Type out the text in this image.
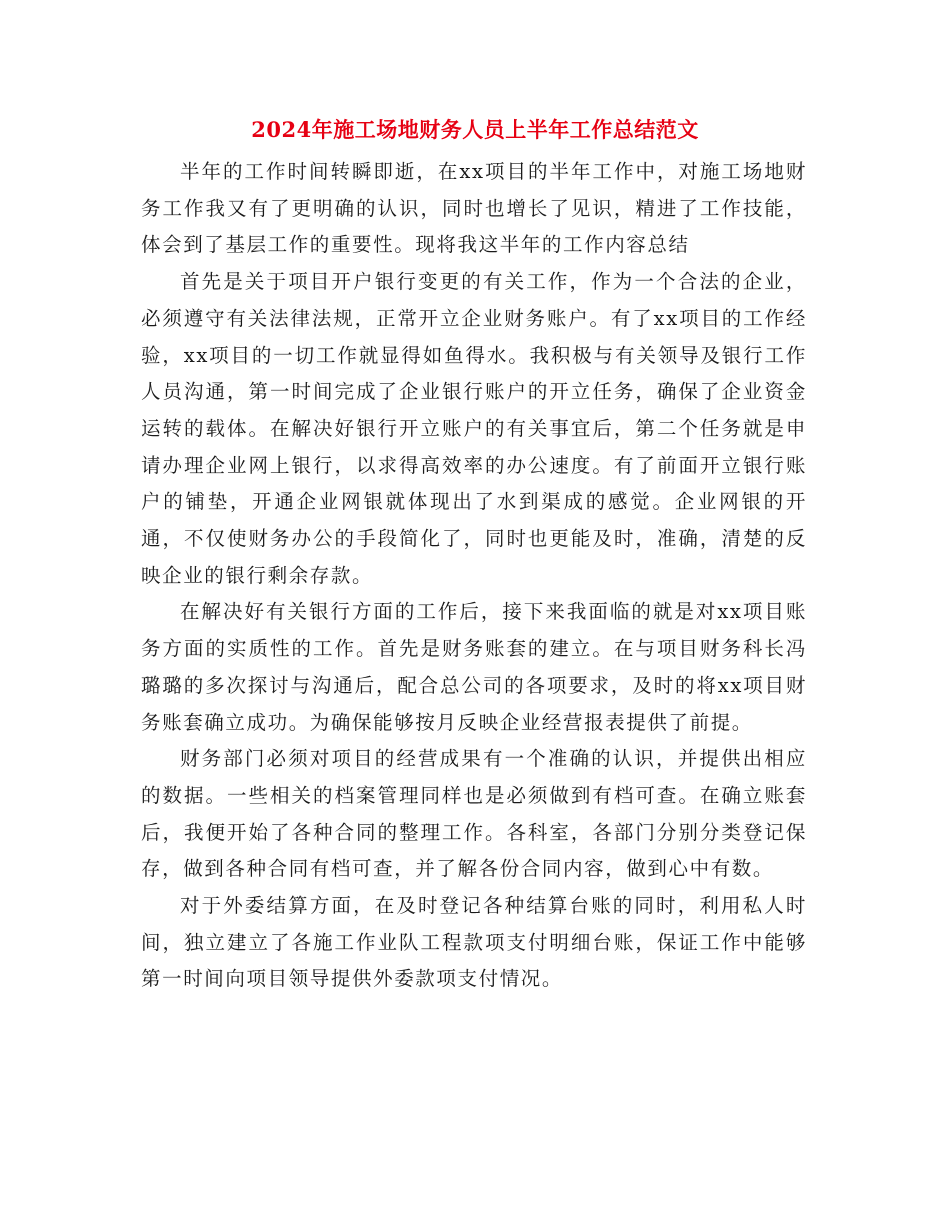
2024年施工场地财务人员上半年工作总结范文

半年的工作时间转瞬即逝，在xx项目的半年工作中，对施工场地财务工作我又有了更明确的认识，同时也增长了见识，精进了工作技能，体会到了基层工作的重要性。现将我这半年的工作内容总结

首先是关于项目开户银行变更的有关工作，作为一个合法的企业，必须遵守有关法律法规，正常开立企业财务账户。有了xx项目的工作经验，xx项目的一切工作就显得如鱼得水。我积极与有关领导及银行工作人员沟通，第一时间完成了企业银行账户的开立任务，确保了企业资金运转的载体。在解决好银行开立账户的有关事宜后，第二个任务就是申请办理企业网上银行，以求得高效率的办公速度。有了前面开立银行账户的铺垫，开通企业网银就体现出了水到渠成的感觉。企业网银的开通，不仅使财务办公的手段简化了，同时也更能及时，准确，清楚的反映企业的银行剩余存款。

在解决好有关银行方面的工作后，接下来我面临的就是对xx项目账务方面的实质性的工作。首先是财务账套的建立。在与项目财务科长冯璐璐的多次探讨与沟通后，配合总公司的各项要求，及时的将xx项目财务账套确立成功。为确保能够按月反映企业经营报表提供了前提。

财务部门必须对项目的经营成果有一个准确的认识，并提供出相应的数据。一些相关的档案管理同样也是必须做到有档可查。在确立账套后，我便开始了各种合同的整理工作。各科室，各部门分别分类登记保存，做到各种合同有档可查，并了解各份合同内容，做到心中有数。

对于外委结算方面，在及时登记各种结算台账的同时，利用私人时间，独立建立了各施工作业队工程款项支付明细台账，保证工作中能够第一时间向项目领导提供外委款项支付情况。
